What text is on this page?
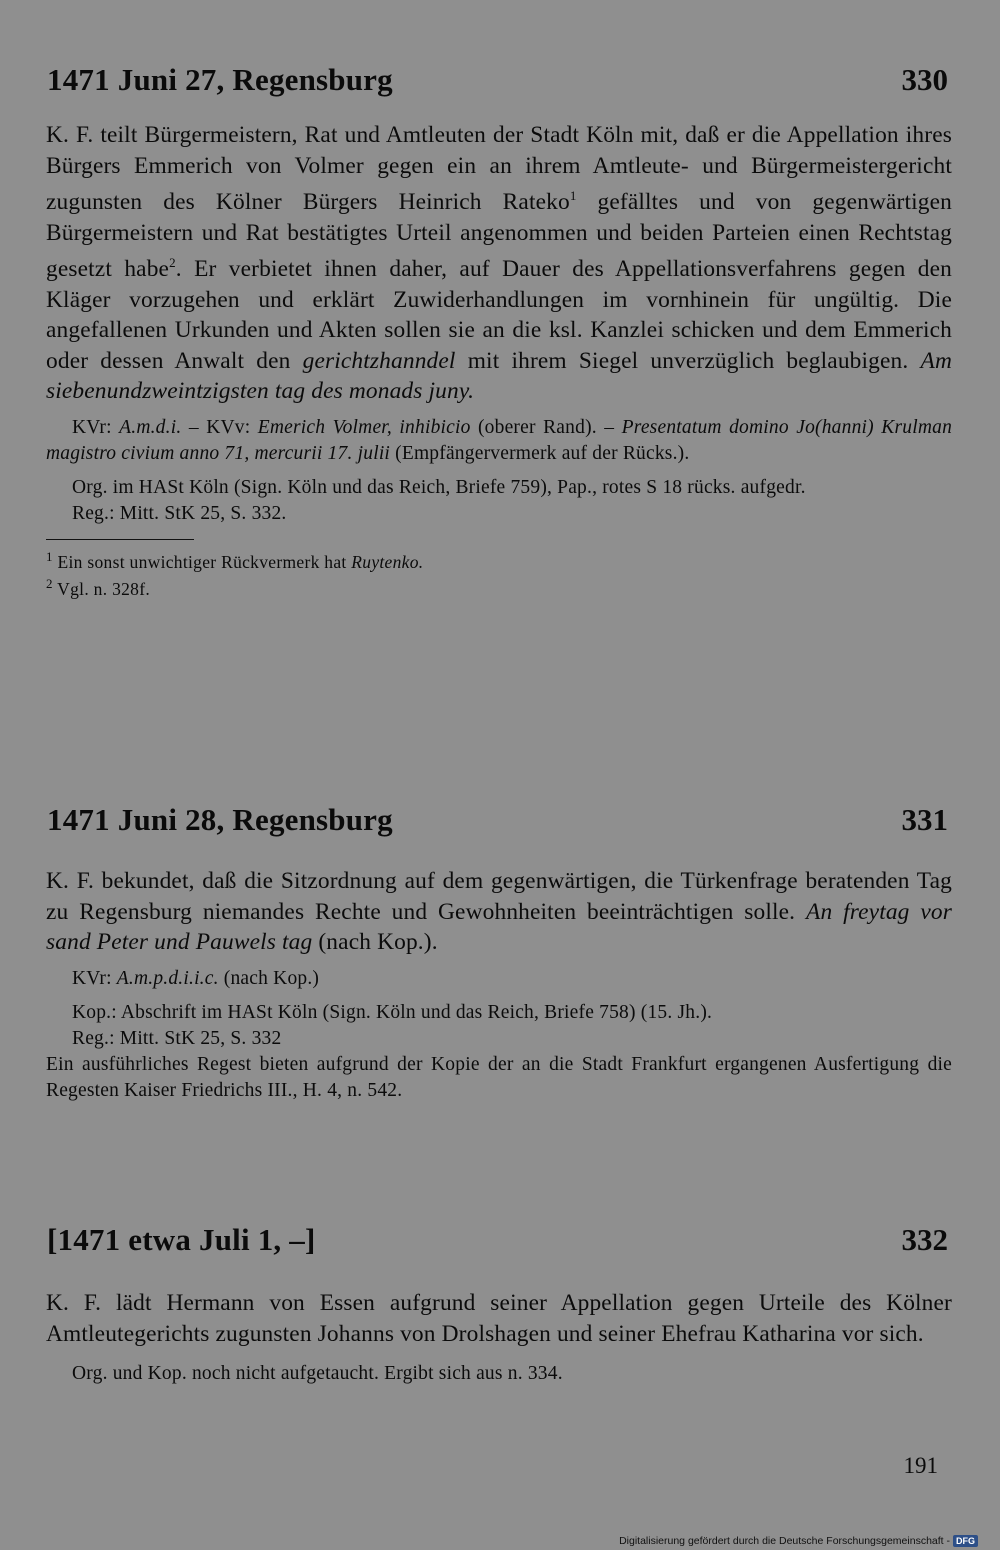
1471 Juni 27, Regensburg	330

K. F. teilt Bürgermeistern, Rat und Amtleuten der Stadt Köln mit, daß er die Appellation ihres Bürgers Emmerich von Volmer gegen ein an ihrem Amtleute- und Bürgermeistergericht zugunsten des Kölner Bürgers Heinrich Rateko$^1$ gefälltes und von gegenwärtigen Bürgermeistern und Rat bestätigtes Urteil angenommen und beiden Parteien einen Rechtstag gesetzt habe$^2$. Er verbietet ihnen daher, auf Dauer des Appellationsverfahrens gegen den Kläger vorzugehen und erklärt Zuwiderhandlungen im vornhinein für ungültig. Die angefallenen Urkunden und Akten sollen sie an die ksl. Kanzlei schicken und dem Emmerich oder dessen Anwalt den gerichtzhanndel mit ihrem Siegel unverzüglich beglaubigen. Am siebenundzweintzigsten tag des monads juny.

KVr: A.m.d.i. – KVv: Emerich Volmer, inhibicio (oberer Rand). – Presentatum domino Jo(hanni) Krulman magistro civium anno 71, mercurii 17. julii (Empfängervermerk auf der Rücks.).

Org. im HASt Köln (Sign. Köln und das Reich, Briefe 759), Pap., rotes S 18 rücks. aufgedr.

Reg.: Mitt. StK 25, S. 332.

$^1$ Ein sonst unwichtiger Rückvermerk hat Ruytenko.
$^2$ Vgl. n. 328f.
1471 Juni 28, Regensburg	331

K. F. bekundet, daß die Sitzordnung auf dem gegenwärtigen, die Türkenfrage beratenden Tag zu Regensburg niemandes Rechte und Gewohnheiten beeinträchtigen solle. An freytag vor sand Peter und Pauwels tag (nach Kop.).

KVr: A.m.p.d.i.i.c. (nach Kop.)

Kop.: Abschrift im HASt Köln (Sign. Köln und das Reich, Briefe 758) (15. Jh.).

Reg.: Mitt. StK 25, S. 332

Ein ausführliches Regest bieten aufgrund der Kopie der an die Stadt Frankfurt ergangenen Ausfertigung die Regesten Kaiser Friedrichs III., H. 4, n. 542.

[1471 etwa Juli 1, –]	332

K. F. lädt Hermann von Essen aufgrund seiner Appellation gegen Urteile des Kölner Amtleutegerichts zugunsten Johanns von Drolshagen und seiner Ehefrau Katharina vor sich.

Org. und Kop. noch nicht aufgetaucht. Ergibt sich aus n. 334.

191
Digitalisierung gefördert durch die Deutsche Forschungsgemeinschaft - DFG
